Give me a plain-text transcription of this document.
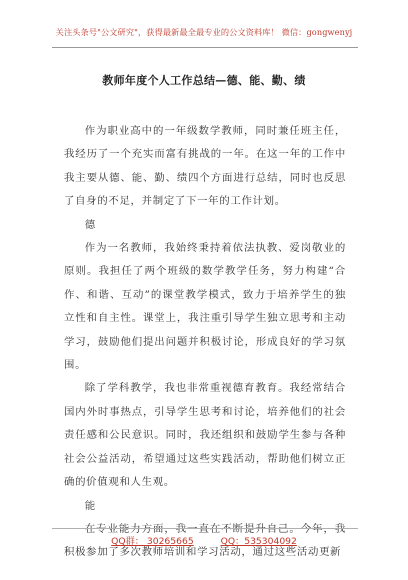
关注头条号"公文研究"，获得最新最全最专业的公文资料库！ 微信：gongwenyj
教师年度个人工作总结—德、能、勤、绩

作为职业高中的一年级数学教师，同时兼任班主任，我经历了一个充实而富有挑战的一年。在这一年的工作中我主要从德、能、勤、绩四个方面进行总结，同时也反思了自身的不足，并制定了下一年的工作计划。

德

作为一名教师，我始终秉持着依法执教、爱岗敬业的原则。我担任了两个班级的数学教学任务，努力构建“合作、和谐、互动”的课堂教学模式，致力于培养学生的独立性和自主性。课堂上，我注重引导学生独立思考和主动学习，鼓励他们提出问题并积极讨论，形成良好的学习氛围。

除了学科教学，我也非常重视德育教育。我经常结合国内外时事热点，引导学生思考和讨论，培养他们的社会责任感和公民意识。同时，我还组织和鼓励学生参与各种社会公益活动，希望通过这些实践活动，帮助他们树立正确的价值观和人生观。

能

在专业能力方面，我一直在不断提升自己。今年，我积极参加了多次教师培训和学习活动，通过这些活动更新

QQ群： 30265665	QQ：535304092
